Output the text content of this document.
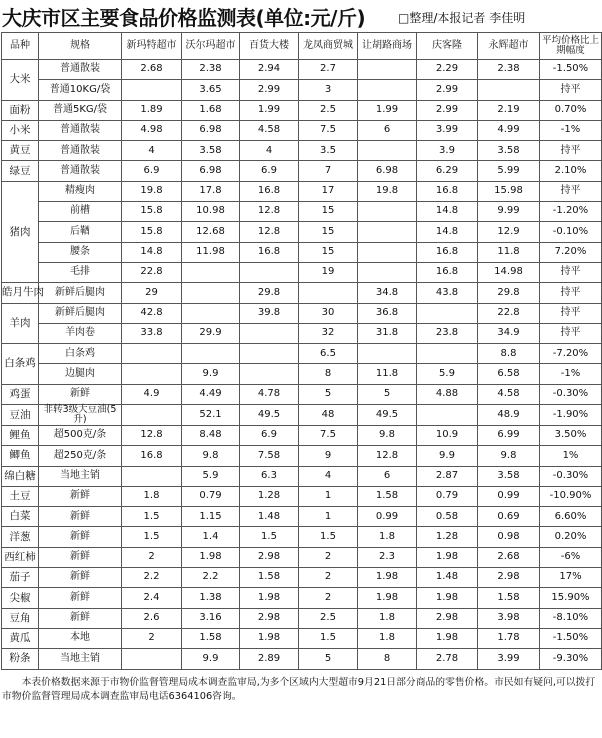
大庆市区主要食品价格监测表(单位:元/斤)	□整理/本报记者 李佳明
品种	规格	新玛特超市	沃尔玛超市	百货大楼	龙凤商贸城	让胡路商场	庆客隆	永辉超市	平均价格比上期幅度
大米	普通散装	2.68	2.38	2.94	2.7		2.29	2.38	-1.50%
	普通10KG/袋		3.65	2.99	3		2.99		持平
面粉	普通5KG/袋	1.89	1.68	1.99	2.5	1.99	2.99	2.19	0.70%
小米	普通散装	4.98	6.98	4.58	7.5	6	3.99	4.99	-1%
黄豆	普通散装	4	3.58	4	3.5		3.9	3.58	持平
绿豆	普通散装	6.9	6.98	6.9	7	6.98	6.29	5.99	2.10%
猪肉	精瘦肉	19.8	17.8	16.8	17	19.8	16.8	15.98	持平
	前槽	15.8	10.98	12.8	15		14.8	9.99	-1.20%
	后鞧	15.8	12.68	12.8	15		14.8	12.9	-0.10%
	腰条	14.8	11.98	16.8	15		16.8	11.8	7.20%
	毛排	22.8			19		16.8	14.98	持平
皓月牛肉	新鲜后腿肉	29		29.8		34.8	43.8	29.8	持平
羊肉	新鲜后腿肉	42.8		39.8	30	36.8		22.8	持平
	羊肉卷	33.8	29.9		32	31.8	23.8	34.9	持平
白条鸡	白条鸡				6.5			8.8	-7.20%
	边腿肉		9.9		8	11.8	5.9	6.58	-1%
鸡蛋	新鲜	4.9	4.49	4.78	5	5	4.88	4.58	-0.30%
豆油	非转3级大豆油(5升)		52.1	49.5	48	49.5		48.9	-1.90%
鲤鱼	超500克/条	12.8	8.48	6.9	7.5	9.8	10.9	6.99	3.50%
鲫鱼	超250克/条	16.8	9.8	7.58	9	12.8	9.9	9.8	1%
绵白糖	当地主销		5.9	6.3	4	6	2.87	3.58	-0.30%
土豆	新鲜	1.8	0.79	1.28	1	1.58	0.79	0.99	-10.90%
白菜	新鲜	1.5	1.15	1.48	1	0.99	0.58	0.69	6.60%
洋葱	新鲜	1.5	1.4	1.5	1.5	1.8	1.28	0.98	0.20%
西红柿	新鲜	2	1.98	2.98	2	2.3	1.98	2.68	-6%
茄子	新鲜	2.2	2.2	1.58	2	1.98	1.48	2.98	17%
尖椒	新鲜	2.4	1.38	1.98	2	1.98	1.98	1.58	15.90%
豆角	新鲜	2.6	3.16	2.98	2.5	1.8	2.98	3.98	-8.10%
黄瓜	本地	2	1.58	1.98	1.5	1.8	1.98	1.78	-1.50%
粉条	当地主销		9.9	2.89	5	8	2.78	3.99	-9.30%
本表价格数据来源于市物价监督管理局成本调查监审局,为多个区域内大型超市9月21日部分商品的零售价格。市民如有疑问,可以拨打市物价监督管理局成本调查监审局电话6364106咨询。
